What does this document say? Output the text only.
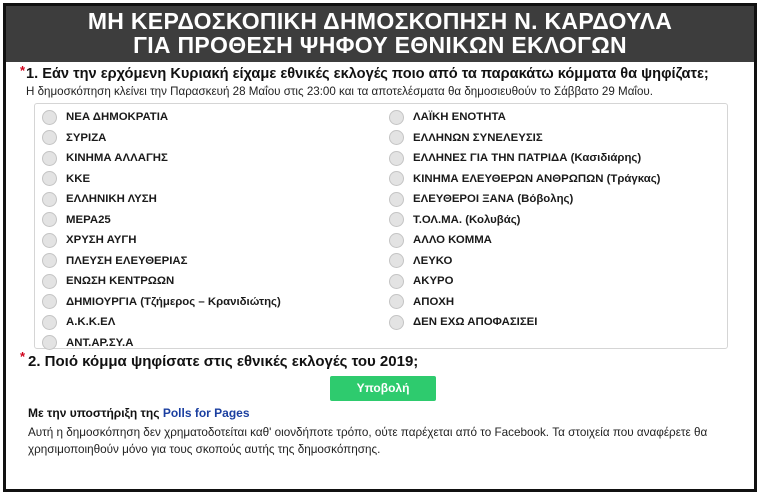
ΜΗ ΚΕΡΔΟΣΚΟΠΙΚΗ ΔΗΜΟΣΚΟΠΗΣΗ Ν. ΚΑΡΔΟΥΛΑ
ΓΙΑ ΠΡΟΘΕΣΗ ΨΗΦΟΥ ΕΘΝΙΚΩΝ ΕΚΛΟΓΩΝ
* 1. Εάν την ερχόμενη Κυριακή είχαμε εθνικές εκλογές ποιο από τα παρακάτω κόμματα θα ψηφίζατε;
Η δημοσκόπηση κλείνει την Παρασκευή 28 Μαΐου στις 23:00 και τα αποτελέσματα θα δημοσιευθούν το Σάββατο 29 Μαΐου.
ΝΕΑ ΔΗΜΟΚΡΑΤΙΑ
ΣΥΡΙΖΑ
ΚΙΝΗΜΑ ΑΛΛΑΓΗΣ
ΚΚΕ
ΕΛΛΗΝΙΚΗ ΛΥΣΗ
ΜΕΡΑ25
ΧΡΥΣΗ ΑΥΓΗ
ΠΛΕΥΣΗ ΕΛΕΥΘΕΡΙΑΣ
ΕΝΩΣΗ ΚΕΝΤΡΩΩΝ
ΔΗΜΙΟΥΡΓΙΑ (Τζήμερος – Κρανιδιώτης)
Α.Κ.Κ.ΕΛ
ΑΝΤ.ΑΡ.ΣΥ.Α
ΛΑΪΚΗ ΕΝΟΤΗΤΑ
ΕΛΛΗΝΩΝ ΣΥΝΕΛΕΥΣΙΣ
ΕΛΛΗΝΕΣ ΓΙΑ ΤΗΝ ΠΑΤΡΙΔΑ (Κασιδιάρης)
ΚΙΝΗΜΑ ΕΛΕΥΘΕΡΩΝ ΑΝΘΡΩΠΩΝ (Τράγκας)
ΕΛΕΥΘΕΡΟΙ ΞΑΝΑ (Βόβολης)
Τ.ΟΛ.ΜΑ. (Κολυβάς)
ΑΛΛΟ ΚΟΜΜΑ
ΛΕΥΚΟ
ΑΚΥΡΟ
ΑΠΟΧΗ
ΔΕΝ ΕΧΩ ΑΠΟΦΑΣΙΣΕΙ
* 2. Ποιό κόμμα ψηφίσατε στις εθνικές εκλογές του 2019;
Υποβολή
Με την υποστήριξη της Polls for Pages
Αυτή η δημοσκόπηση δεν χρηματοδοτείται καθ' οιονδήποτε τρόπο, ούτε παρέχεται από το Facebook. Τα στοιχεία που αναφέρετε θα χρησιμοποιηθούν μόνο για τους σκοπούς αυτής της δημοσκόπησης.
